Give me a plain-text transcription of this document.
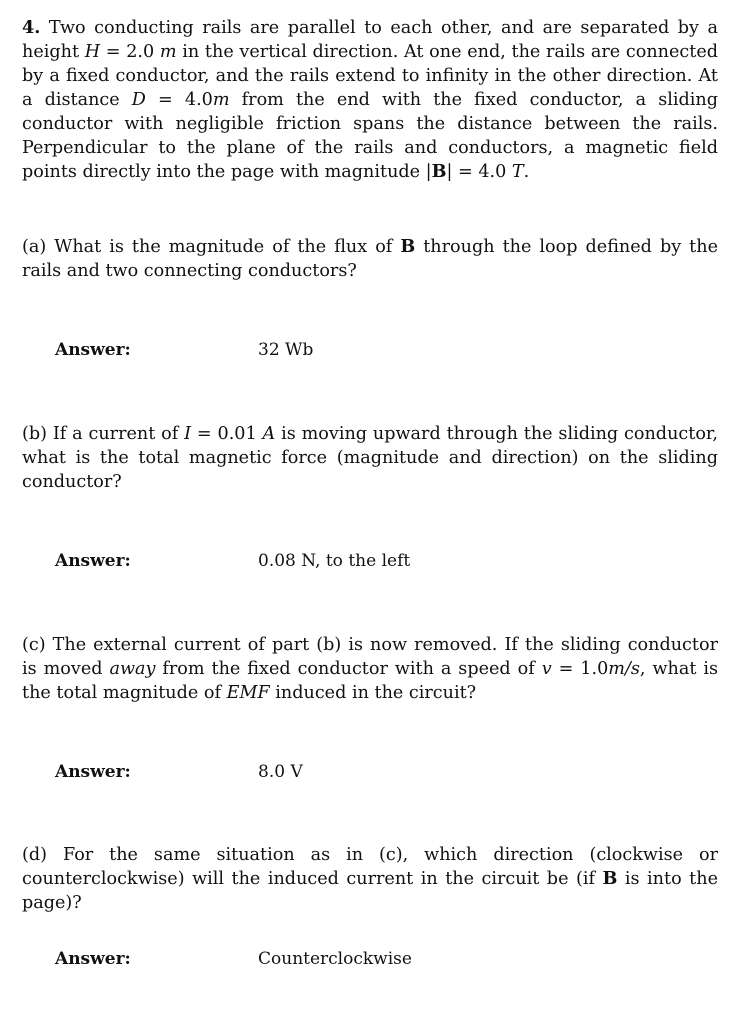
4. Two conducting rails are parallel to each other, and are separated by a height H = 2.0 m in the vertical direction. At one end, the rails are connected by a fixed conductor, and the rails extend to infinity in the other direction. At a distance D = 4.0m from the end with the fixed conductor, a sliding conductor with negligible friction spans the distance between the rails. Perpendicular to the plane of the rails and conductors, a magnetic field points directly into the page with magnitude |B| = 4.0 T.

(a) What is the magnitude of the flux of B through the loop defined by the rails and two connecting conductors?

Answer:	32 Wb

(b) If a current of I = 0.01 A is moving upward through the sliding conductor, what is the total magnetic force (magnitude and direction) on the sliding conductor?

Answer:	0.08 N, to the left

(c) The external current of part (b) is now removed. If the sliding conductor is moved away from the fixed conductor with a speed of v = 1.0m/s, what is the total magnitude of EMF induced in the circuit?

Answer:	8.0 V

(d) For the same situation as in (c), which direction (clockwise or counterclockwise) will the induced current in the circuit be (if B is into the page)?

Answer:	Counterclockwise
